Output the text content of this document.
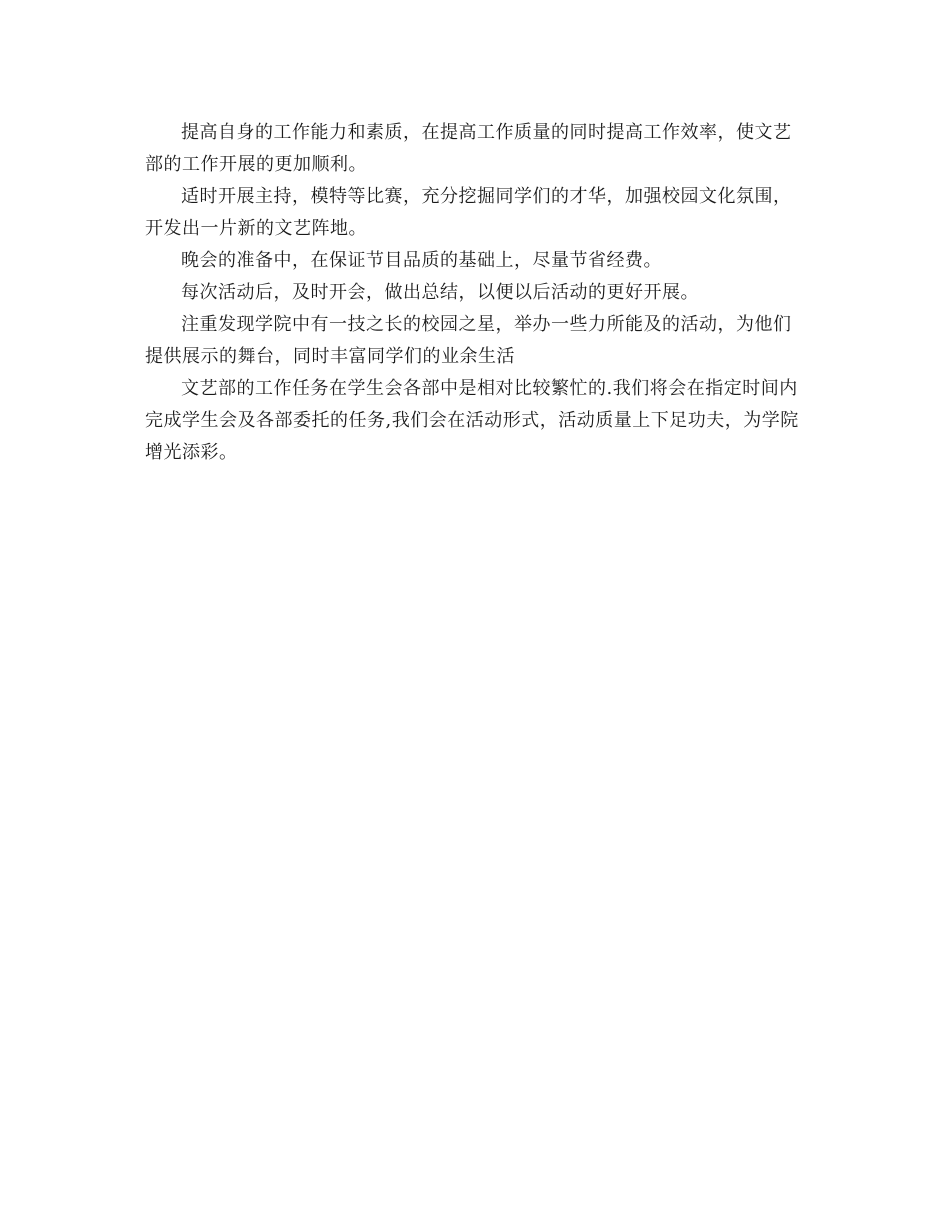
提高自身的工作能力和素质，在提高工作质量的同时提高工作效率，使文艺部的工作开展的更加顺利。

适时开展主持，模特等比赛，充分挖掘同学们的才华，加强校园文化氛围，开发出一片新的文艺阵地。

晚会的准备中，在保证节目品质的基础上，尽量节省经费。

每次活动后，及时开会，做出总结，以便以后活动的更好开展。

注重发现学院中有一技之长的校园之星，举办一些力所能及的活动，为他们提供展示的舞台，同时丰富同学们的业余生活

文艺部的工作任务在学生会各部中是相对比较繁忙的.我们将会在指定时间内完成学生会及各部委托的任务,我们会在活动形式，活动质量上下足功夫，为学院增光添彩。
